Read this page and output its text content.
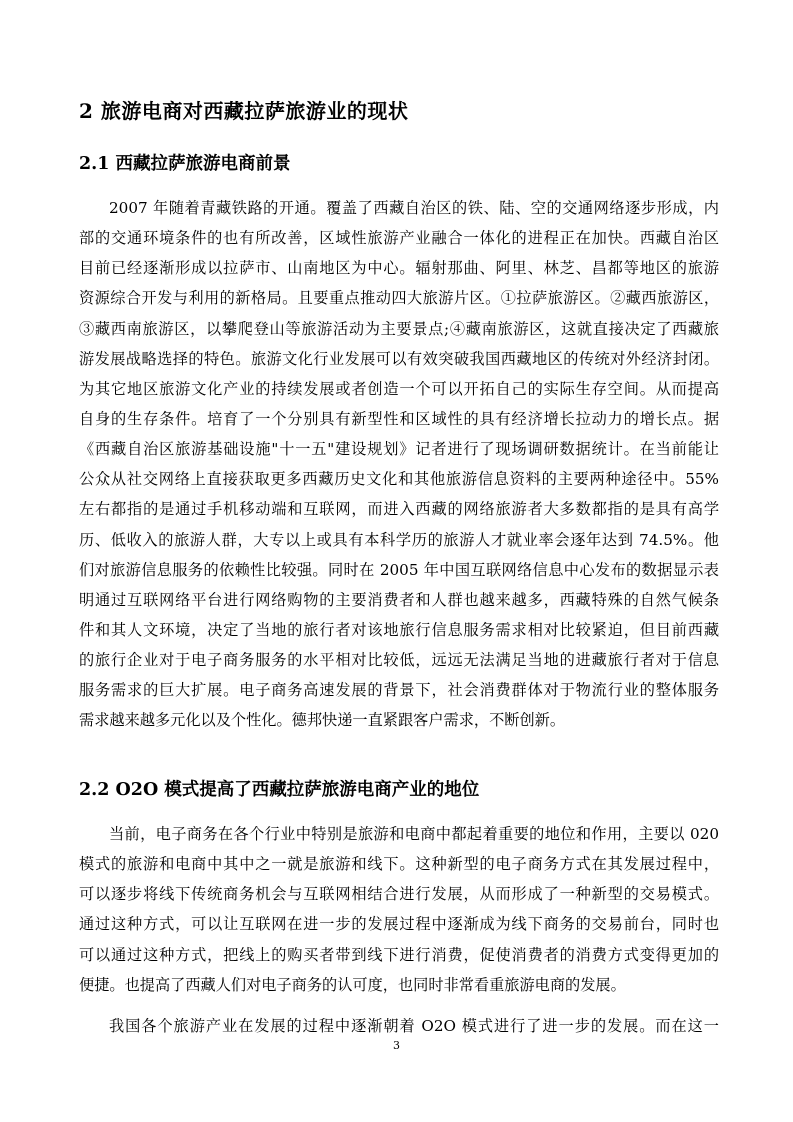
2 旅游电商对西藏拉萨旅游业的现状
2.1 西藏拉萨旅游电商前景
2007 年随着青藏铁路的开通。覆盖了西藏自治区的铁、陆、空的交通网络逐步形成，内
部的交通环境条件的也有所改善，区域性旅游产业融合一体化的进程正在加快。西藏自治区
目前已经逐渐形成以拉萨市、山南地区为中心。辐射那曲、阿里、林芝、昌都等地区的旅游
资源综合开发与利用的新格局。且要重点推动四大旅游片区。①拉萨旅游区。②藏西旅游区，
③藏西南旅游区，以攀爬登山等旅游活动为主要景点;④藏南旅游区，这就直接决定了西藏旅
游发展战略选择的特色。旅游文化行业发展可以有效突破我国西藏地区的传统对外经济封闭。
为其它地区旅游文化产业的持续发展或者创造一个可以开拓自己的实际生存空间。从而提高
自身的生存条件。培育了一个分别具有新型性和区域性的具有经济增长拉动力的增长点。据
《西藏自治区旅游基础设施"十一五"建设规划》记者进行了现场调研数据统计。在当前能让
公众从社交网络上直接获取更多西藏历史文化和其他旅游信息资料的主要两种途径中。55%
左右都指的是通过手机移动端和互联网，而进入西藏的网络旅游者大多数都指的是具有高学
历、低收入的旅游人群，大专以上或具有本科学历的旅游人才就业率会逐年达到 74.5%。他
们对旅游信息服务的依赖性比较强。同时在 2005 年中国互联网络信息中心发布的数据显示表
明通过互联网络平台进行网络购物的主要消费者和人群也越来越多，西藏特殊的自然气候条
件和其人文环境，决定了当地的旅行者对该地旅行信息服务需求相对比较紧迫，但目前西藏
的旅行企业对于电子商务服务的水平相对比较低，远远无法满足当地的进藏旅行者对于信息
服务需求的巨大扩展。电子商务高速发展的背景下，社会消费群体对于物流行业的整体服务
需求越来越多元化以及个性化。德邦快递一直紧跟客户需求，不断创新。
2.2 O2O 模式提高了西藏拉萨旅游电商产业的地位
当前，电子商务在各个行业中特别是旅游和电商中都起着重要的地位和作用，主要以 020
模式的旅游和电商中其中之一就是旅游和线下。这种新型的电子商务方式在其发展过程中，
可以逐步将线下传统商务机会与互联网相结合进行发展，从而形成了一种新型的交易模式。
通过这种方式，可以让互联网在进一步的发展过程中逐渐成为线下商务的交易前台，同时也
可以通过这种方式，把线上的购买者带到线下进行消费，促使消费者的消费方式变得更加的
便捷。也提高了西藏人们对电子商务的认可度，也同时非常看重旅游电商的发展。
我国各个旅游产业在发展的过程中逐渐朝着 O2O 模式进行了进一步的发展。而在这一
3
